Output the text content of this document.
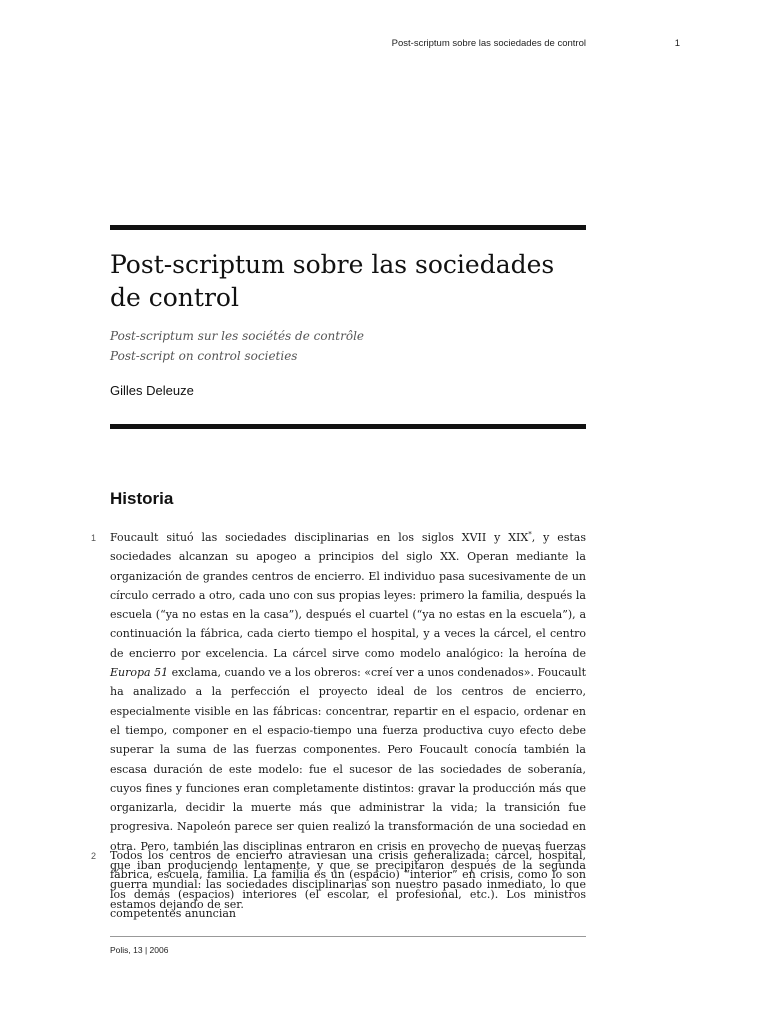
Post-scriptum sobre las sociedades de control	1
Post-scriptum sobre las sociedades de control
Post-scriptum sur les sociétés de contrôle
Post-script on control societies
Gilles Deleuze
Historia
1 Foucault situó las sociedades disciplinarias en los siglos XVII y XIX*, y estas sociedades alcanzan su apogeo a principios del siglo XX. Operan mediante la organización de grandes centros de encierro. El individuo pasa sucesivamente de un círculo cerrado a otro, cada uno con sus propias leyes: primero la familia, después la escuela (“ya no estas en la casa”), después el cuartel (“ya no estas en la escuela”), a continuación la fábrica, cada cierto tiempo el hospital, y a veces la cárcel, el centro de encierro por excelencia. La cárcel sirve como modelo analógico: la heroína de Europa 51 exclama, cuando ve a los obreros: «creí ver a unos condenados». Foucault ha analizado a la perfección el proyecto ideal de los centros de encierro, especialmente visible en las fábricas: concentrar, repartir en el espacio, ordenar en el tiempo, componer en el espacio-tiempo una fuerza productiva cuyo efecto debe superar la suma de las fuerzas componentes. Pero Foucault conocía también la escasa duración de este modelo: fue el sucesor de las sociedades de soberanía, cuyos fines y funciones eran completamente distintos: gravar la producción más que organizarla, decidir la muerte más que administrar la vida; la transición fue progresiva. Napoleón parece ser quien realizó la transformación de una sociedad en otra. Pero, también las disciplinas entraron en crisis en provecho de nuevas fuerzas que iban produciendo lentamente, y que se precipitaron después de la segunda guerra mundial: las sociedades disciplinarias son nuestro pasado inmediato, lo que estamos dejando de ser.

2 Todos los centros de encierro atraviesan una crisis generalizada: cárcel, hospital, fábrica, escuela, familia. La familia es un (espacio) “interior” en crisis, como lo son los demás (espacios) interiores (el escolar, el profesional, etc.). Los ministros competentes anuncian

Polis, 13 | 2006
